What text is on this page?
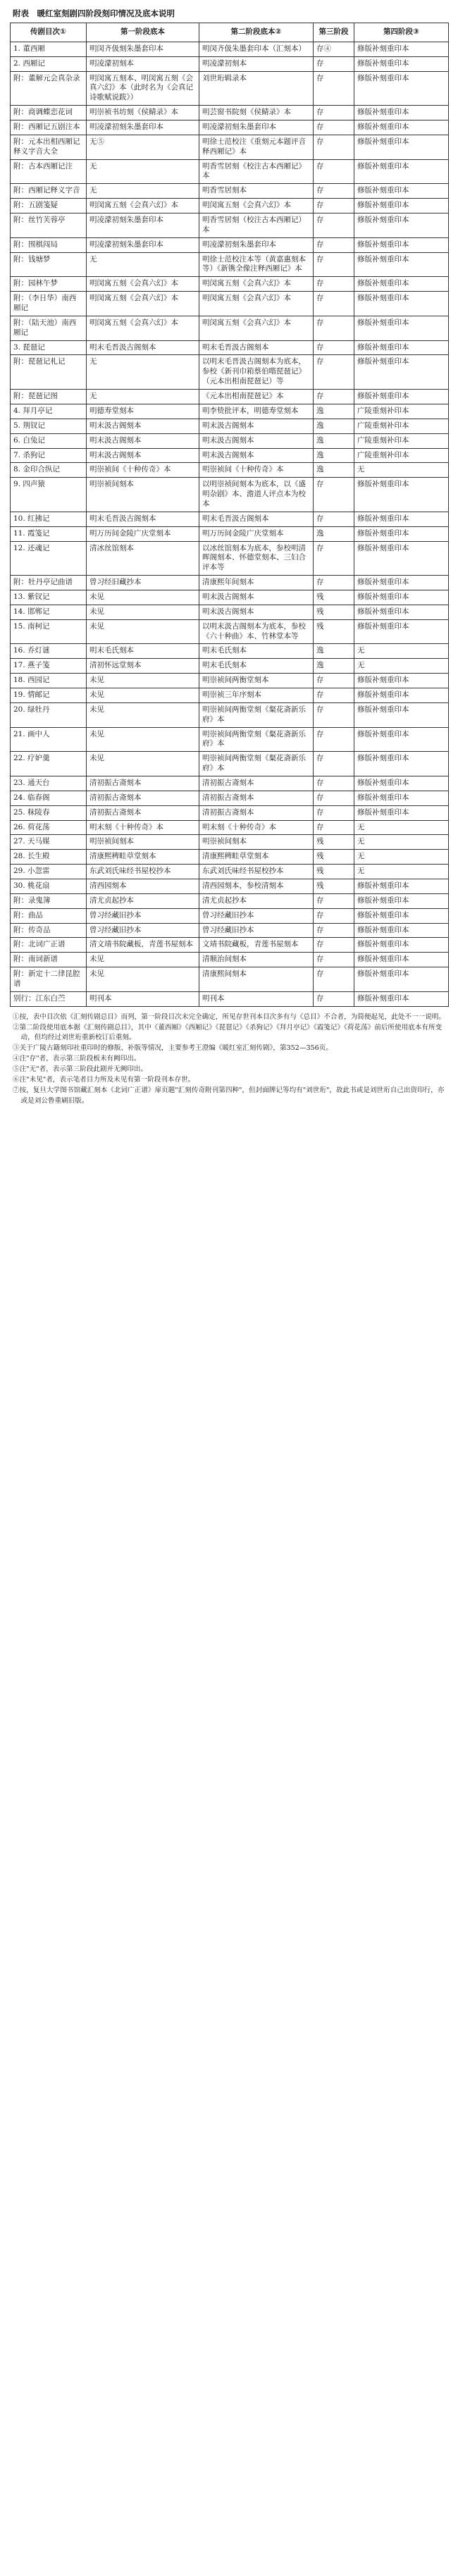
附表　暖红室刻剧四阶段刻印情况及底本说明
传剧目次①	第一阶段底本	第二阶段底本②	第三阶段	第四阶段③
1. 董西厢	明闵齐伋刻朱墨套印本	明闵齐伋朱墨套印本（汇刻本）	存④	修版补刻重印本
2. 西厢记	明凌濛初刻本	明凌濛初刻本	存	修版补刻重印本
附：董解元会真杂录	明闵寓五刻本、明闵寓五刻《会真六幻》本（此时名为《会真记诗歌赋说跋》）	刘世珩辑录本	存	修版补刻重印本
附：商调蝶恋花词	明崇祯书坊刻《侯鲭录》本	明芸窗书院刻《侯鲭录》本	存	修版补刻重印本
附：西厢记五剧注本	明凌濛初刻朱墨套印本	明凌濛初刻朱墨套印本	存	修版补刻重印本
附：元本出相西厢记释义字音大全	无⑤	明徐士范校注《重刻元本题评音释西厢记》本	存	修版补刻重印本
附：古本西厢记注	无	明香雪居刻《校注古本西厢记》本	存	修版补刻重印本
附：西厢记释义字音	无	明香雪居刻本	存	修版补刻重印本
附：五剧笺疑	明闵寓五刻《会真六幻》本	明闵寓五刻《会真六幻》本	存	修版补刻重印本
附：丝竹芙蓉亭	明凌濛初刻朱墨套印本	明香雪居刻（校注古本西厢记）本	存	修版补刻重印本
附：围棋闯局	明凌濛初刻朱墨套印本	明凌濛初刻朱墨套印本	存	修版补刻重印本
附：钱塘梦	无	明徐士范校注本等（黄嘉惠刻本等）《新镌全像注释西厢记》本	存	修版补刻重印本
附：园林午梦	明闵寓五刻《会真六幻》本	明闵寓五刻《会真六幻》本	存	修版补刻重印本
附：（李日华）南西厢记	明闵寓五刻《会真六幻》本	明闵寓五刻《会真六幻》本	存	修版补刻重印本
附：（陆天池）南西厢记	明闵寓五刻《会真六幻》本	明闵寓五刻《会真六幻》本	存	修版补刻重印本
3. 琵琶记	明末毛晋汲古阁刻本	明末毛晋汲古阁刻本	存	修版补刻重印本
附：琵琶记札记	无	以明末毛晋汲古阁刻本为底本，参校《新刊巾箱蔡伯喈琵琶记》（元本出相南琵琶记）等	存	修版补刻重印本
附：琵琶记图	无	《元本出相南琵琶记》本	存	修版补刻重印本
4. 拜月亭记	明德寿堂刻本	明李贽批评本，明德寿堂刻本	逸	广陵重刻补印本
5. 荆钗记	明末汲古阁刻本	明末汲古阁刻本	逸	广陵重刻补印本
6. 白兔记	明末汲古阁刻本	明末汲古阁刻本	逸	广陵重刻补印本
7. 杀狗记	明末汲古阁刻本	明末汲古阁刻本	逸	广陵重刻补印本
8. 金印合纵记	明崇祯间《十种传奇》本	明崇祯间《十种传奇》本	逸	无
9. 四声猿	明崇祯间刻本	以明崇祯间刻本为底本，以《盛明杂剧》本、澹道人评点本为校本	存	修版补刻重印本
10. 红拂记	明末毛晋汲古阁刻本	明末毛晋汲古阁刻本	存	修版补刻重印本
11. 霞笺记	明万历间金陵广庆堂刻本	明万历间金陵广庆堂刻本	逸	修版补刻重印本
12. 还魂记	清冰丝馆刻本	以冰丝馆刻本为底本，参校明清晖阁刻本、怀德堂刻本、三妇合评本等	存	修版补刻重印本
附：牡丹亭记曲谱	曾习经旧藏抄本	清康熙年间刻本	存	修版补刻重印本
13. 紫钗记	未见	明末汲古阁刻本	残	修版补刻重印本
14. 邯郸记	未见	明末汲古阁刻本	残	修版补刻重印本
15. 南柯记	未见	以明末汲古阁刻本为底本，参校《六十种曲》本、竹林堂本等	残	修版补刻重印本
16. 乔灯谜	明末毛氏刻本	明末毛氏刻本	逸	无
17. 燕子笺	清初怀远堂刻本	明末毛氏刻本	逸	无
18. 西园记	未见	明崇祯间两衡堂刻本	存	修版补刻重印本
19. 情邮记	未见	明崇祯三年序刻本	存	修版补刻重印本
20. 绿牡丹	未见	明崇祯间两衡堂刻《粲花斋新乐府》本	存	修版补刻重印本
21. 画中人	未见	明崇祯间两衡堂刻《粲花斋新乐府》本	存	修版补刻重印本
22. 疗妒羹	未见	明崇祯间两衡堂刻《粲花斋新乐府》本	存	修版补刻重印本
23. 通天台	清初振古斋刻本	清初振古斋刻本	存	修版补刻重印本
24. 临春阁	清初振古斋刻本	清初振古斋刻本	存	修版补刻重印本
25. 秣陵春	清初振古斋刻本	清初振古斋刻本	存	修版补刻重印本
26. 荷花荡	明末刻《十种传奇》本	明末刻《十种传奇》本	存	无
27. 天马媒	明崇祯间刻本	明崇祯间刻本	残	无
28. 长生殿	清康熙稗畦草堂刻本	清康熙稗畦草堂刻本	残	无
29. 小忽雷	东武刘氏味经书屋校抄本	东武刘氏味经书屋校抄本	残	无
30. 桃花扇	清西园刻本	清西园刻本，参校清刻本	残	修版补刻重印本
附：录鬼簿	清尤贞起抄本	清尤贞起抄本	存	修版补刻重印本
附：曲品	曾习经藏旧抄本	曾习经藏旧抄本	存	修版补刻重印本
附：传奇品	曾习经藏旧抄本	曾习经藏旧抄本	存	修版补刻重印本
附：北词广正谱	清文靖书院藏板，青莲书屋刻本	文靖书院藏板，青莲书屋刻本	存	修版补刻重印本
附：南词新谱	未见	清顺治间刻本	存	修版补刻重印本
附：新定十二律昆腔谱	未见	清康熙间刻本	存	修版补刻重印本
别行：江东白苎	明刊本	明刊本	存	修版补刻重印本

①按，表中目次依《汇刻传剧总目》而列，第一阶段目次未完全确定，所见存世刊本目次多有与《总目》不合者，为简便起见，此处不一一说明。

②第二阶段使用底本据《汇刻传剧总目》，其中《董西厢》《西厢记》《琵琶记》《杀狗记》《拜月亭记》《霞笺记》《荷花荡》前后所使用底本有所变动，但均经过刘世珩重新校订后重刻。

③关于广陵古籍刻印社重印时的修版、补版等情况，主要参考王澄编《暖红室汇刻传剧》，第352—356页。

④注"存"者，表示第三阶段板未有阙印出。

⑤注"无"者，表示第三阶段此剧并无阙印出。

⑥注"未见"者，表示笔者目力所及未见有第一阶段刊本存世。

⑦按，复旦大学图书馆藏汇刻本《北词广正谱》扉页题"汇刻传奇附刊第四种"，但封面牌记等均有"刘世珩"，故此书或是刘世珩自己出资印行，亦或是刘公鲁重刷旧版。
